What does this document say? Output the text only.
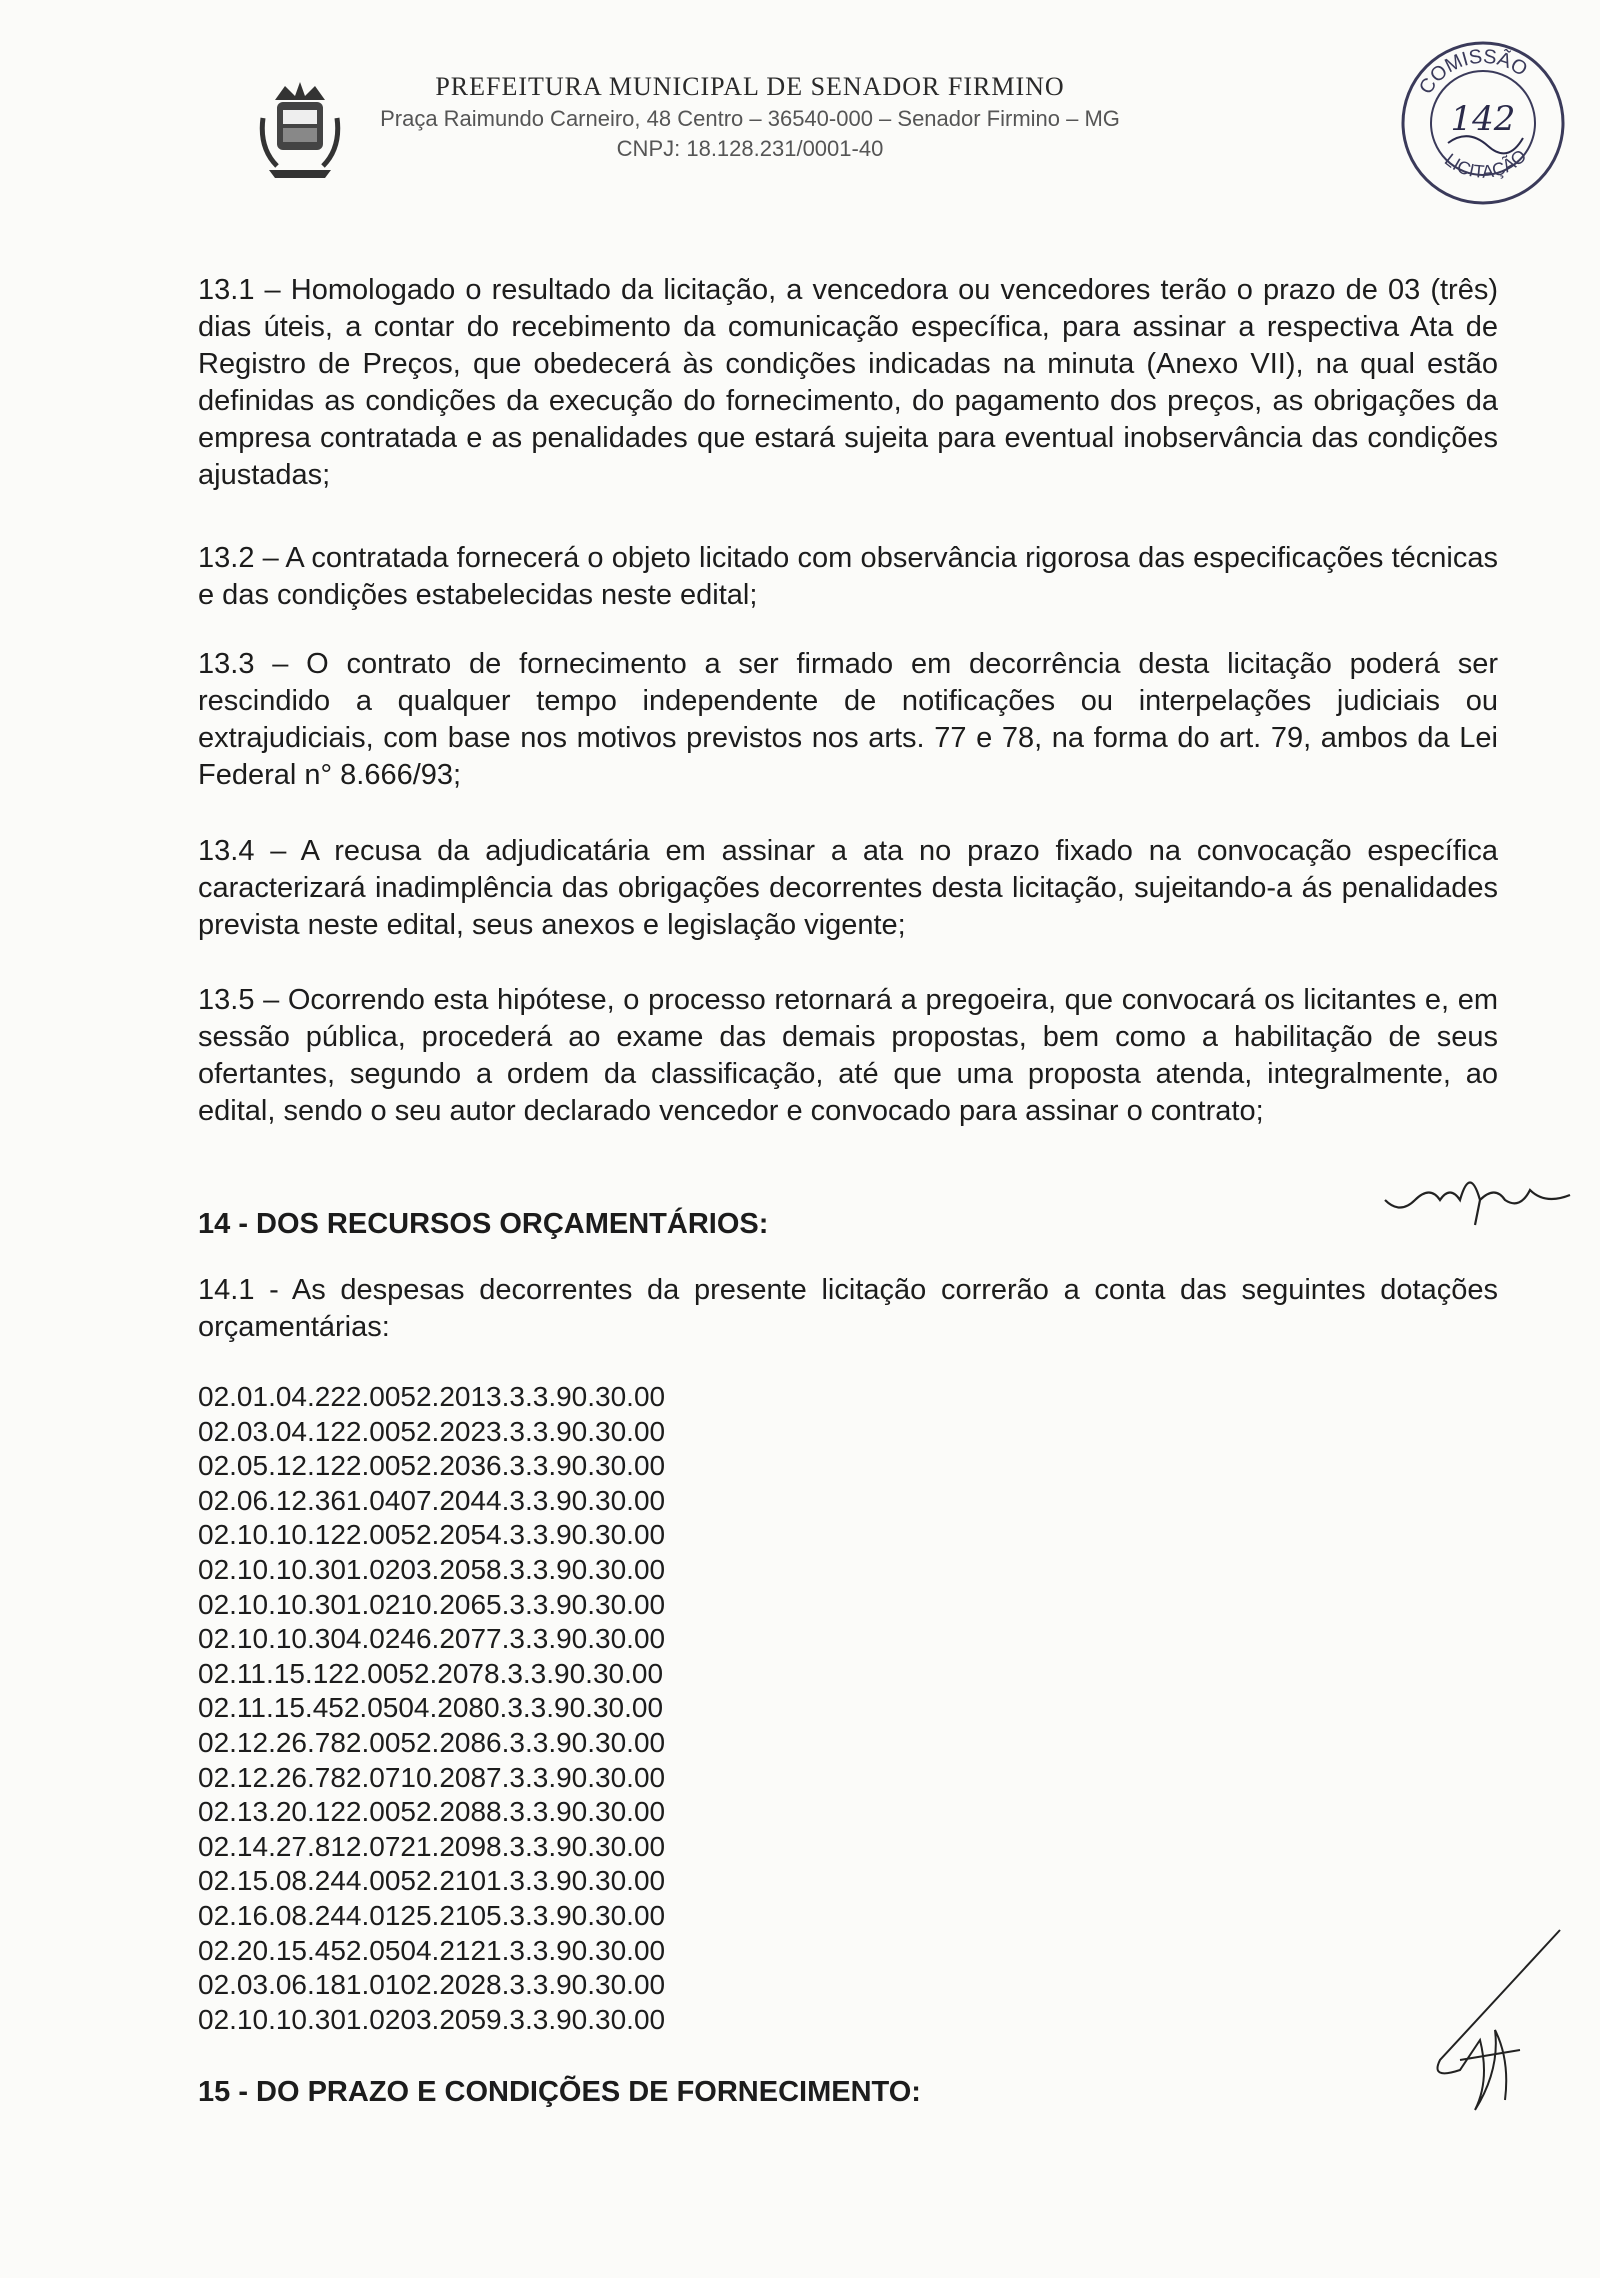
PREFEITURA MUNICIPAL DE SENADOR FIRMINO

Praça Raimundo Carneiro, 48 Centro – 36540-000 – Senador Firmino – MG

CNPJ: 18.128.231/0001-40

COMISSÃO
LICITAÇÃO
142

13.1 – Homologado o resultado da licitação, a vencedora ou vencedores terão o prazo de 03 (três) dias úteis, a contar do recebimento da comunicação específica, para assinar a respectiva Ata de Registro de Preços, que obedecerá às condições indicadas na minuta (Anexo VII), na qual estão definidas as condições da execução do fornecimento, do pagamento dos preços, as obrigações da empresa contratada e as penalidades que estará sujeita para eventual inobservância das condições ajustadas;

13.2 – A contratada fornecerá o objeto licitado com observância rigorosa das especificações técnicas e das condições estabelecidas neste edital;

13.3 – O contrato de fornecimento a ser firmado em decorrência desta licitação poderá ser rescindido a qualquer tempo independente de notificações ou interpelações judiciais ou extrajudiciais, com base nos motivos previstos nos arts. 77 e 78, na forma do art. 79, ambos da Lei Federal n° 8.666/93;

13.4 – A recusa da adjudicatária em assinar a ata no prazo fixado na convocação específica caracterizará inadimplência das obrigações decorrentes desta licitação, sujeitando-a ás penalidades prevista neste edital, seus anexos e legislação vigente;

13.5 – Ocorrendo esta hipótese, o processo retornará a pregoeira, que convocará os licitantes e, em sessão pública, procederá ao exame das demais propostas, bem como a habilitação de seus ofertantes, segundo a ordem da classificação, até que uma proposta atenda, integralmente, ao edital, sendo o seu autor declarado vencedor e convocado para assinar o contrato;

14 - DOS RECURSOS ORÇAMENTÁRIOS:

14.1 - As despesas decorrentes da presente licitação correrão a conta das seguintes dotações orçamentárias:

02.01.04.222.0052.2013.3.3.90.30.00
02.03.04.122.0052.2023.3.3.90.30.00
02.05.12.122.0052.2036.3.3.90.30.00
02.06.12.361.0407.2044.3.3.90.30.00
02.10.10.122.0052.2054.3.3.90.30.00
02.10.10.301.0203.2058.3.3.90.30.00
02.10.10.301.0210.2065.3.3.90.30.00
02.10.10.304.0246.2077.3.3.90.30.00
02.11.15.122.0052.2078.3.3.90.30.00
02.11.15.452.0504.2080.3.3.90.30.00
02.12.26.782.0052.2086.3.3.90.30.00
02.12.26.782.0710.2087.3.3.90.30.00
02.13.20.122.0052.2088.3.3.90.30.00
02.14.27.812.0721.2098.3.3.90.30.00
02.15.08.244.0052.2101.3.3.90.30.00
02.16.08.244.0125.2105.3.3.90.30.00
02.20.15.452.0504.2121.3.3.90.30.00
02.03.06.181.0102.2028.3.3.90.30.00
02.10.10.301.0203.2059.3.3.90.30.00

15 - DO PRAZO E CONDIÇÕES DE FORNECIMENTO:
